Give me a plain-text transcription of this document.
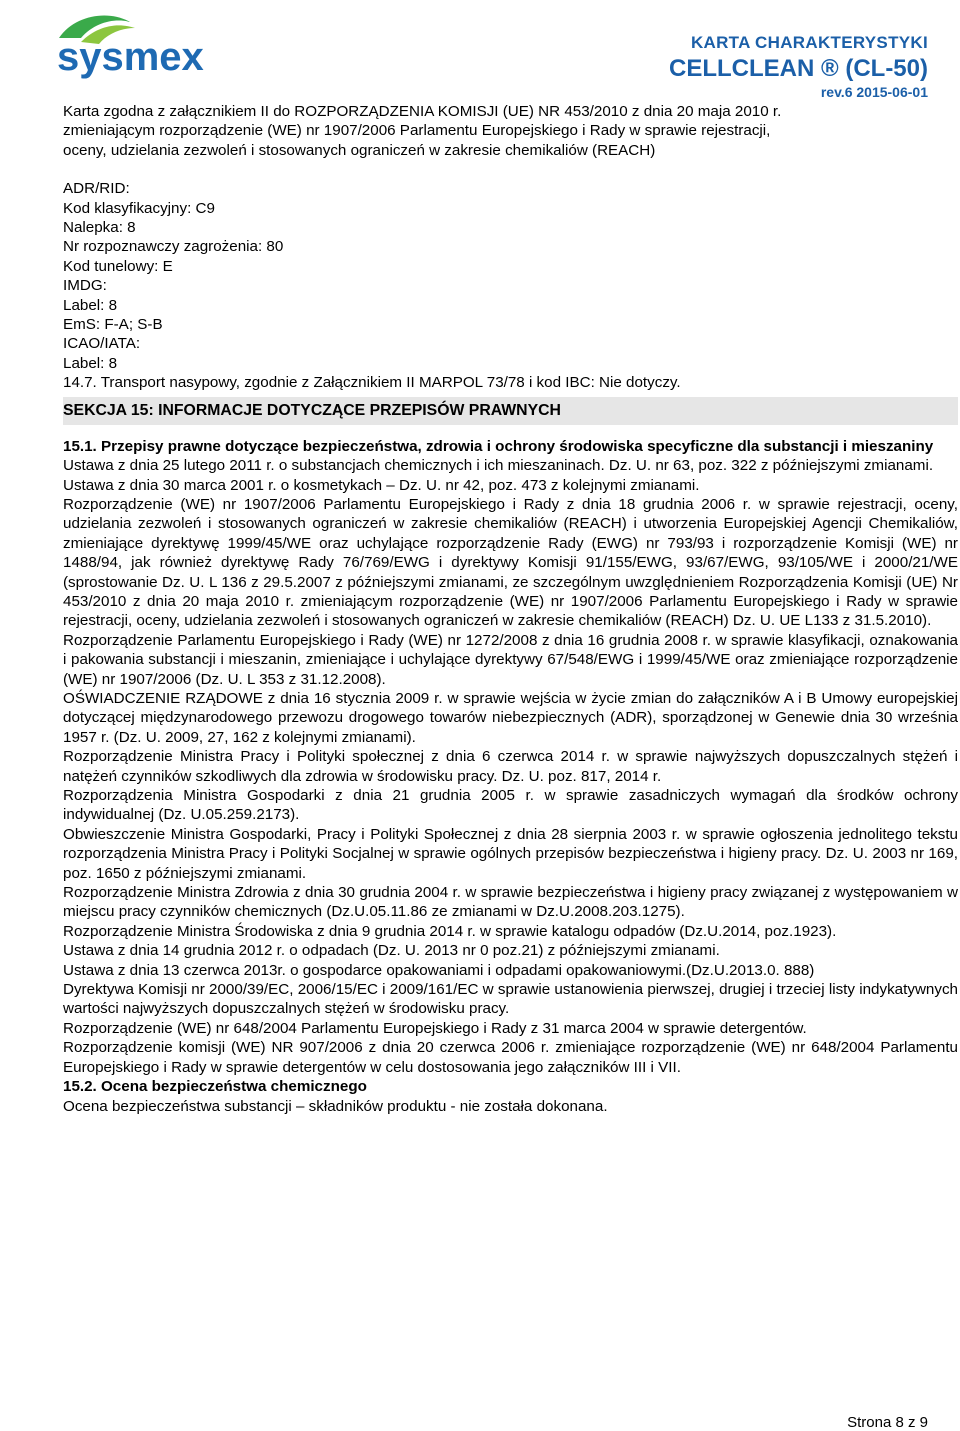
sysmex	KARTA CHARAKTERYSTYKI
CELLCLEAN ® (CL-50)
rev.6 2015-06-01

Karta zgodna z załącznikiem II do ROZPORZĄDZENIA KOMISJI (UE) NR 453/2010 z dnia 20 maja 2010 r.

zmieniającym rozporządzenie (WE) nr 1907/2006 Parlamentu Europejskiego i Rady w sprawie rejestracji,

oceny, udzielania zezwoleń i stosowanych ograniczeń w zakresie chemikaliów (REACH)

ADR/RID:

Kod klasyfikacyjny: C9

Nalepka: 8

Nr rozpoznawczy zagrożenia: 80

Kod tunelowy: E

IMDG:

Label: 8

EmS: F-A; S-B

ICAO/IATA:

Label: 8

14.7. Transport nasypowy, zgodnie z Załącznikiem II MARPOL 73/78 i kod IBC: Nie dotyczy.

SEKCJA 15: INFORMACJE DOTYCZĄCE PRZEPISÓW PRAWNYCH

15.1. Przepisy prawne dotyczące bezpieczeństwa, zdrowia i ochrony środowiska specyficzne dla substancji i mieszaniny

Ustawa z dnia 25 lutego 2011 r. o substancjach chemicznych i ich mieszaninach. Dz. U. nr 63, poz. 322 z późniejszymi zmianami.

Ustawa z dnia 30 marca 2001 r. o kosmetykach – Dz. U. nr 42, poz. 473 z kolejnymi zmianami.

Rozporządzenie (WE) nr 1907/2006 Parlamentu Europejskiego i Rady z dnia 18 grudnia 2006 r. w sprawie rejestracji, oceny, udzielania zezwoleń i stosowanych ograniczeń w zakresie chemikaliów (REACH) i utworzenia Europejskiej Agencji Chemikaliów, zmieniające dyrektywę 1999/45/WE oraz uchylające rozporządzenie Rady (EWG) nr 793/93 i rozporządzenie Komisji (WE) nr 1488/94, jak również dyrektywę Rady 76/769/EWG i dyrektywy Komisji 91/155/EWG, 93/67/EWG, 93/105/WE i 2000/21/WE (sprostowanie Dz. U. L 136 z 29.5.2007 z późniejszymi zmianami, ze szczególnym uwzględnieniem Rozporządzenia Komisji (UE) Nr 453/2010 z dnia 20 maja 2010 r. zmieniającym rozporządzenie (WE) nr 1907/2006 Parlamentu Europejskiego i Rady w sprawie rejestracji, oceny, udzielania zezwoleń i stosowanych ograniczeń w zakresie chemikaliów (REACH) Dz. U. UE L133 z 31.5.2010).

Rozporządzenie Parlamentu Europejskiego i Rady (WE) nr 1272/2008 z dnia 16 grudnia 2008 r. w sprawie klasyfikacji, oznakowania i pakowania substancji i mieszanin, zmieniające i uchylające dyrektywy 67/548/EWG i 1999/45/WE oraz zmieniające rozporządzenie (WE) nr 1907/2006 (Dz. U. L 353 z 31.12.2008).

OŚWIADCZENIE RZĄDOWE z dnia 16 stycznia 2009 r. w sprawie wejścia w życie zmian do załączników A i B Umowy europejskiej dotyczącej międzynarodowego przewozu drogowego towarów niebezpiecznych (ADR), sporządzonej w Genewie dnia 30 września 1957 r. (Dz. U. 2009, 27, 162 z kolejnymi zmianami).

Rozporządzenie Ministra Pracy i Polityki społecznej z dnia 6 czerwca 2014 r. w sprawie najwyższych dopuszczalnych stężeń i natężeń czynników szkodliwych dla zdrowia w środowisku pracy. Dz. U. poz. 817, 2014 r.

Rozporządzenia Ministra Gospodarki z dnia 21 grudnia 2005 r. w sprawie zasadniczych wymagań dla środków ochrony indywidualnej (Dz. U.05.259.2173).

Obwieszczenie Ministra Gospodarki, Pracy i Polityki Społecznej z dnia 28 sierpnia 2003 r. w sprawie ogłoszenia jednolitego tekstu rozporządzenia Ministra Pracy i Polityki Socjalnej w sprawie ogólnych przepisów bezpieczeństwa i higieny pracy. Dz. U. 2003 nr 169, poz. 1650 z późniejszymi zmianami.

Rozporządzenie Ministra Zdrowia z dnia 30 grudnia 2004 r. w sprawie bezpieczeństwa i higieny pracy związanej z występowaniem w miejscu pracy czynników chemicznych (Dz.U.05.11.86 ze zmianami w Dz.U.2008.203.1275).

Rozporządzenie Ministra Środowiska z dnia 9 grudnia 2014 r. w sprawie katalogu odpadów (Dz.U.2014, poz.1923).

Ustawa z dnia 14 grudnia 2012 r. o odpadach (Dz. U. 2013 nr 0 poz.21) z późniejszymi zmianami.

Ustawa z dnia 13 czerwca 2013r. o gospodarce opakowaniami i odpadami opakowaniowymi.(Dz.U.2013.0. 888)

Dyrektywa Komisji nr 2000/39/EC, 2006/15/EC i 2009/161/EC w sprawie ustanowienia pierwszej, drugiej i trzeciej listy indykatywnych wartości najwyższych dopuszczalnych stężeń w środowisku pracy.

Rozporządzenie (WE) nr 648/2004 Parlamentu Europejskiego i Rady z 31 marca 2004 w sprawie detergentów.

Rozporządzenie komisji (WE) NR 907/2006 z dnia 20 czerwca 2006 r. zmieniające rozporządzenie (WE) nr 648/2004 Parlamentu Europejskiego i Rady w sprawie detergentów w celu dostosowania jego załączników III i VII.

15.2. Ocena bezpieczeństwa chemicznego

Ocena bezpieczeństwa substancji – składników produktu - nie została dokonana.

Strona 8 z 9
